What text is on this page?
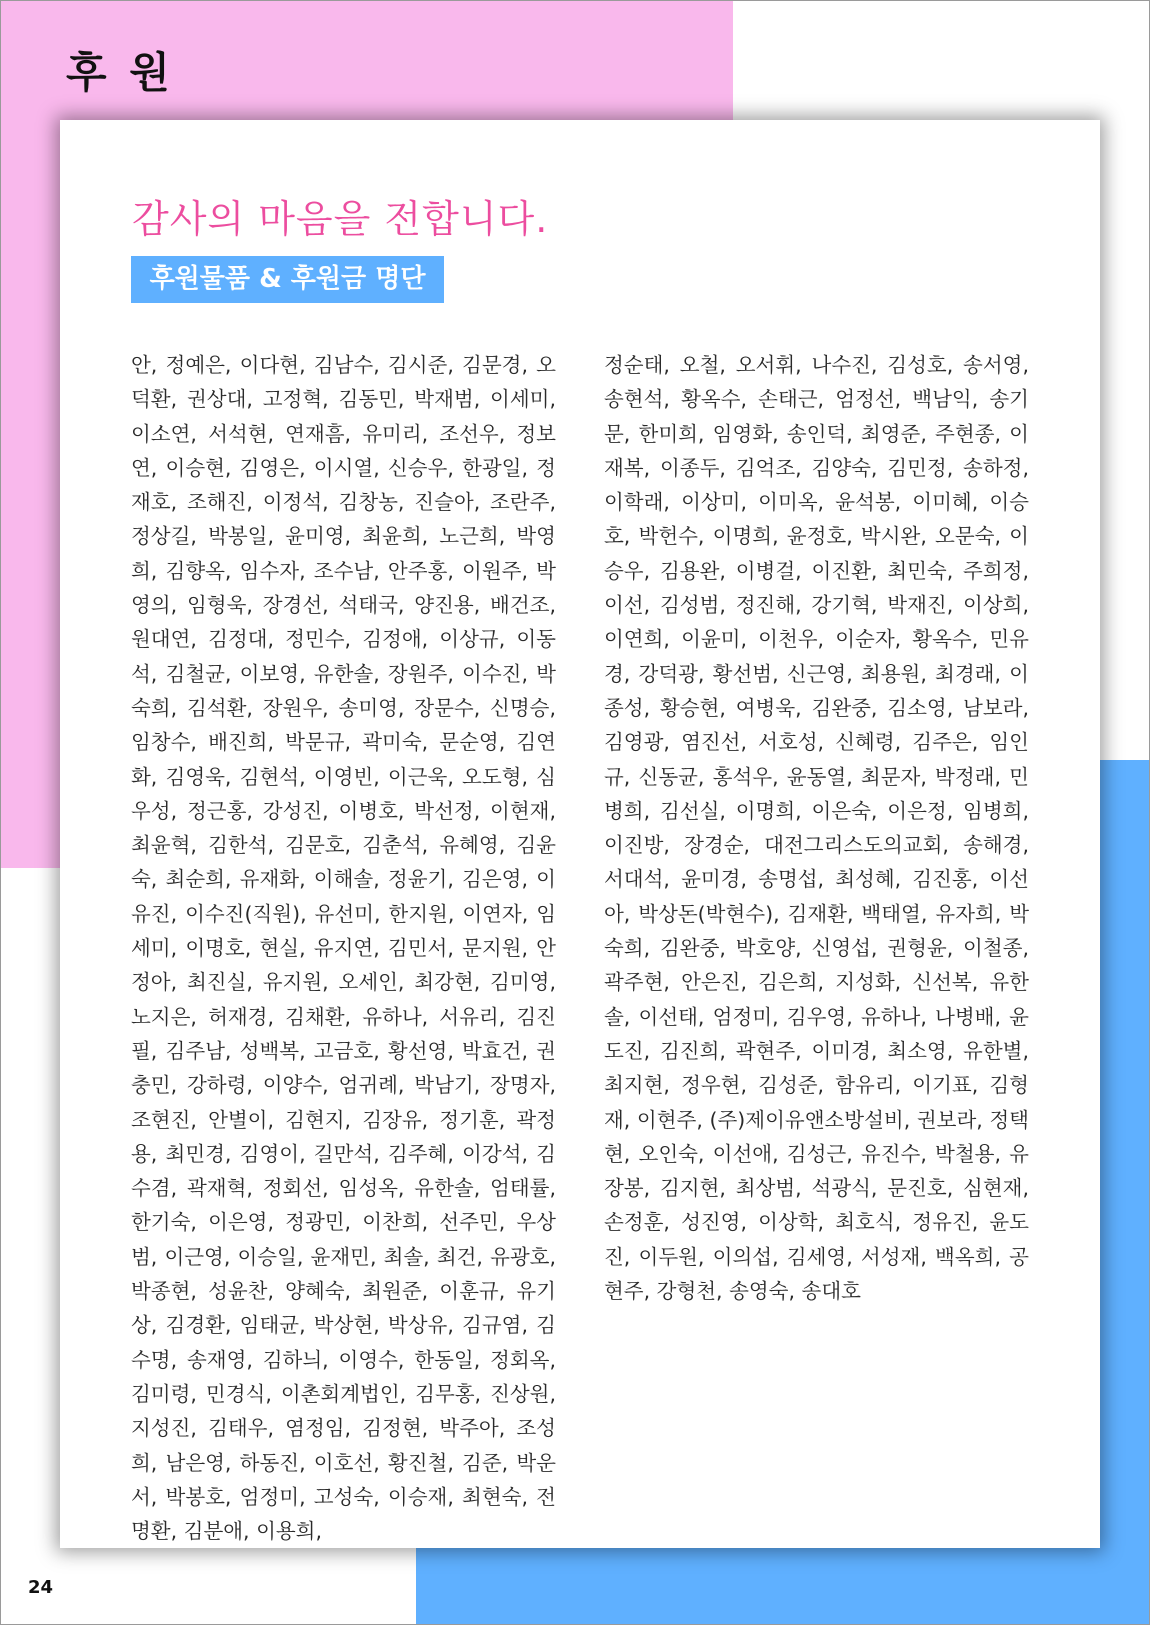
후 원
감사의 마음을 전합니다.
후원물품 & 후원금 명단
안, 정예은, 이다현, 김남수, 김시준, 김문경, 오덕환, 권상대, 고정혁, 김동민, 박재범, 이세미, 이소연, 서석현, 연재흠, 유미리, 조선우, 정보연, 이승현, 김영은, 이시열, 신승우, 한광일, 정재호, 조해진, 이정석, 김창농, 진슬아, 조란주, 정상길, 박봉일, 윤미영, 최윤희, 노근희, 박영희, 김향옥, 임수자, 조수남, 안주홍, 이원주, 박영의, 임형욱, 장경선, 석태국, 양진용, 배건조, 원대연, 김정대, 정민수, 김정애, 이상규, 이동석, 김철균, 이보영, 유한솔, 장원주, 이수진, 박숙희, 김석환, 장원우, 송미영, 장문수, 신명승, 임창수, 배진희, 박문규, 곽미숙, 문순영, 김연화, 김영욱, 김현석, 이영빈, 이근욱, 오도형, 심우성, 정근홍, 강성진, 이병호, 박선정, 이현재, 최윤혁, 김한석, 김문호, 김춘석, 유혜영, 김윤숙, 최순희, 유재화, 이해솔, 정윤기, 김은영, 이유진, 이수진(직원), 유선미, 한지원, 이연자, 임세미, 이명호, 현실, 유지연, 김민서, 문지원, 안정아, 최진실, 유지원, 오세인, 최강현, 김미영, 노지은, 허재경, 김채환, 유하나, 서유리, 김진필, 김주남, 성백복, 고금호, 황선영, 박효건, 권충민, 강하령, 이양수, 엄귀례, 박남기, 장명자, 조현진, 안별이, 김현지, 김장유, 정기훈, 곽정용, 최민경, 김영이, 길만석, 김주혜, 이강석, 김수겸, 곽재혁, 정회선, 임성옥, 유한솔, 엄태률, 한기숙, 이은영, 정광민, 이찬희, 선주민, 우상범, 이근영, 이승일, 윤재민, 최솔, 최건, 유광호, 박종현, 성윤찬, 양혜숙, 최원준, 이훈규, 유기상, 김경환, 임태균, 박상현, 박상유, 김규염, 김수명, 송재영, 김하늬, 이영수, 한동일, 정회옥, 김미령, 민경식, 이촌회계법인, 김무홍, 진상원, 지성진, 김태우, 염정임, 김정현, 박주아, 조성희, 남은영, 하동진, 이호선, 황진철, 김준, 박운서, 박봉호, 엄정미, 고성숙, 이승재, 최현숙, 전명환, 김분애, 이용희,
정순태, 오철, 오서휘, 나수진, 김성호, 송서영, 송현석, 황옥수, 손태근, 엄정선, 백남익, 송기문, 한미희, 임영화, 송인덕, 최영준, 주현종, 이재복, 이종두, 김억조, 김양숙, 김민정, 송하정, 이학래, 이상미, 이미옥, 윤석봉, 이미혜, 이승호, 박헌수, 이명희, 윤정호, 박시완, 오문숙, 이승우, 김용완, 이병걸, 이진환, 최민숙, 주희정, 이선, 김성범, 정진해, 강기혁, 박재진, 이상희, 이연희, 이윤미, 이천우, 이순자, 황옥수, 민유경, 강덕광, 황선범, 신근영, 최용원, 최경래, 이종성, 황승현, 여병욱, 김완중, 김소영, 남보라, 김영광, 염진선, 서호성, 신혜령, 김주은, 임인규, 신동균, 홍석우, 윤동열, 최문자, 박정래, 민병희, 김선실, 이명희, 이은숙, 이은정, 임병희, 이진방, 장경순, 대전그리스도의교회, 송해경, 서대석, 윤미경, 송명섭, 최성혜, 김진홍, 이선아, 박상돈(박현수), 김재환, 백태열, 유자희, 박숙희, 김완중, 박호양, 신영섭, 권형윤, 이철종, 곽주현, 안은진, 김은희, 지성화, 신선복, 유한솔, 이선태, 엄정미, 김우영, 유하나, 나병배, 윤도진, 김진희, 곽현주, 이미경, 최소영, 유한별, 최지현, 정우현, 김성준, 함유리, 이기표, 김형재, 이현주, (주)제이유앤소방설비, 권보라, 정택현, 오인숙, 이선애, 김성근, 유진수, 박철용, 유장봉, 김지현, 최상범, 석광식, 문진호, 심현재, 손정훈, 성진영, 이상학, 최호식, 정유진, 윤도진, 이두원, 이의섭, 김세영, 서성재, 백옥희, 공현주, 강형천, 송영숙, 송대호
24
